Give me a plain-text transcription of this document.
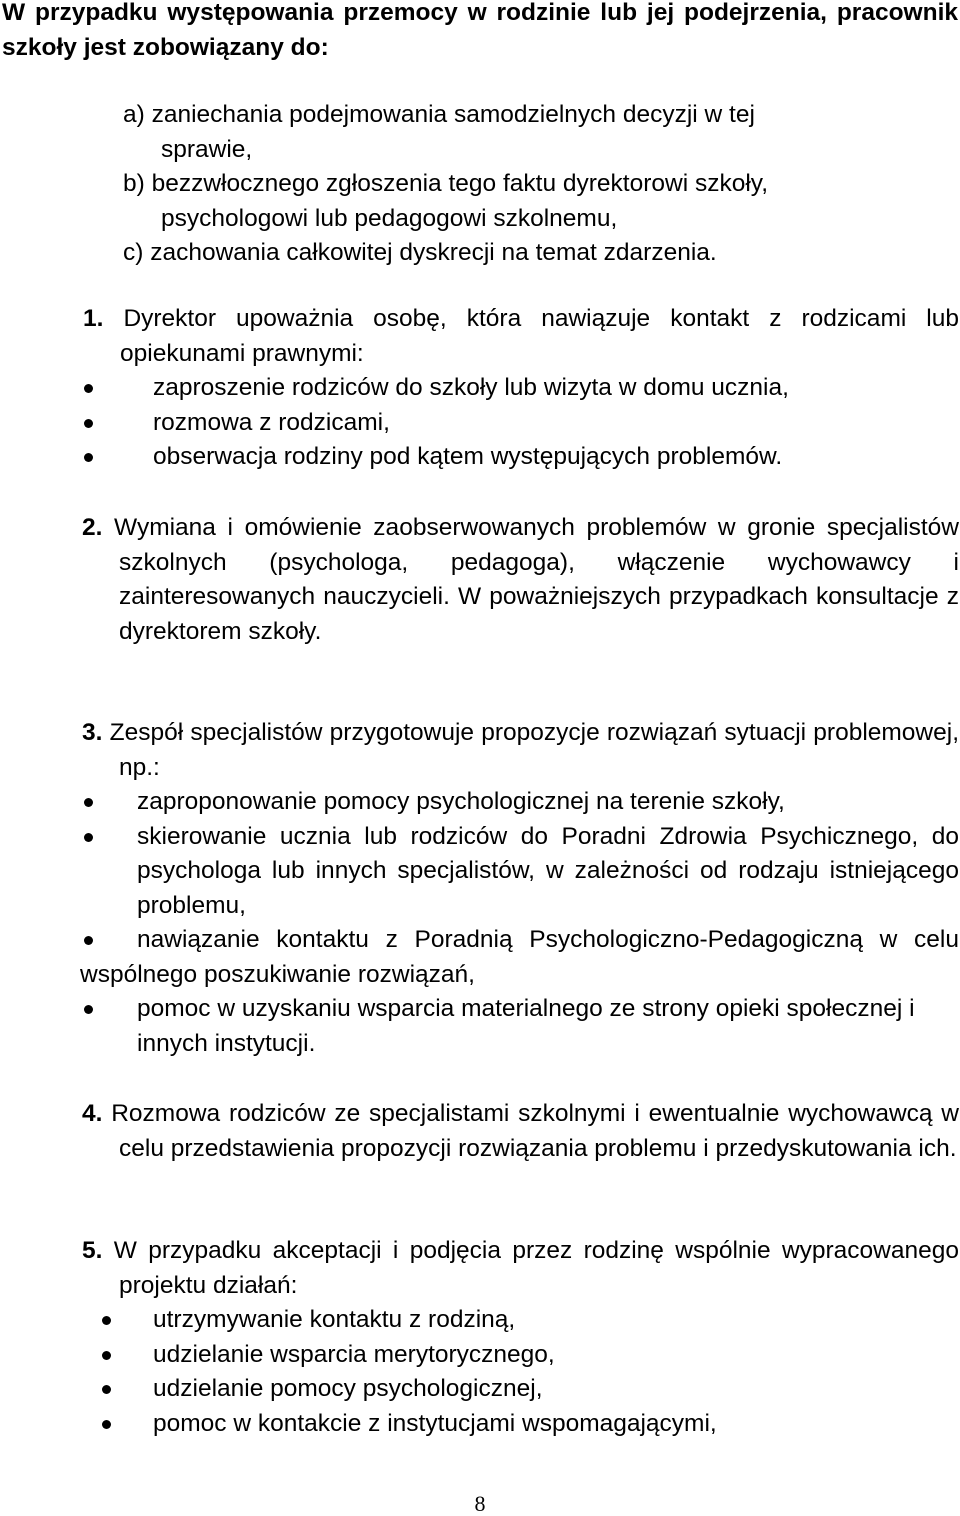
W przypadku występowania przemocy w rodzinie lub jej podejrzenia, pracownik szkoły jest zobowiązany do:
a) zaniechania podejmowania samodzielnych decyzji w tej
sprawie,
b) bezzwłocznego zgłoszenia tego faktu dyrektorowi szkoły,
psychologowi lub pedagogowi szkolnemu,
c) zachowania całkowitej dyskrecji na temat zdarzenia.
1. Dyrektor upoważnia osobę, która nawiązuje kontakt z rodzicami lub opiekunami prawnymi:
zaproszenie rodziców do szkoły lub wizyta w domu ucznia,
rozmowa z rodzicami,
obserwacja rodziny pod kątem występujących problemów.
2. Wymiana i omówienie zaobserwowanych problemów w gronie specjalistów szkolnych (psychologa, pedagoga), włączenie wychowawcy i zainteresowanych nauczycieli. W poważniejszych przypadkach konsultacje z dyrektorem szkoły.
3. Zespół specjalistów przygotowuje propozycje rozwiązań sytuacji problemowej, np.:
zaproponowanie pomocy psychologicznej na terenie szkoły,
skierowanie ucznia lub rodziców do Poradni Zdrowia Psychicznego, do psychologa lub innych specjalistów, w zależności od rodzaju istniejącego problemu,
nawiązanie kontaktu z Poradnią Psychologiczno-Pedagogiczną w celu wspólnego poszukiwanie rozwiązań,
pomoc w uzyskaniu wsparcia materialnego ze strony opieki społecznej i innych instytucji.
4. Rozmowa rodziców ze specjalistami szkolnymi i ewentualnie wychowawcą w celu przedstawienia propozycji rozwiązania problemu i przedyskutowania ich.
5. W przypadku akceptacji i podjęcia przez rodzinę wspólnie wypracowanego projektu działań:
utrzymywanie kontaktu z rodziną,
udzielanie wsparcia merytorycznego,
udzielanie pomocy psychologicznej,
pomoc w kontakcie z instytucjami wspomagającymi,
8
